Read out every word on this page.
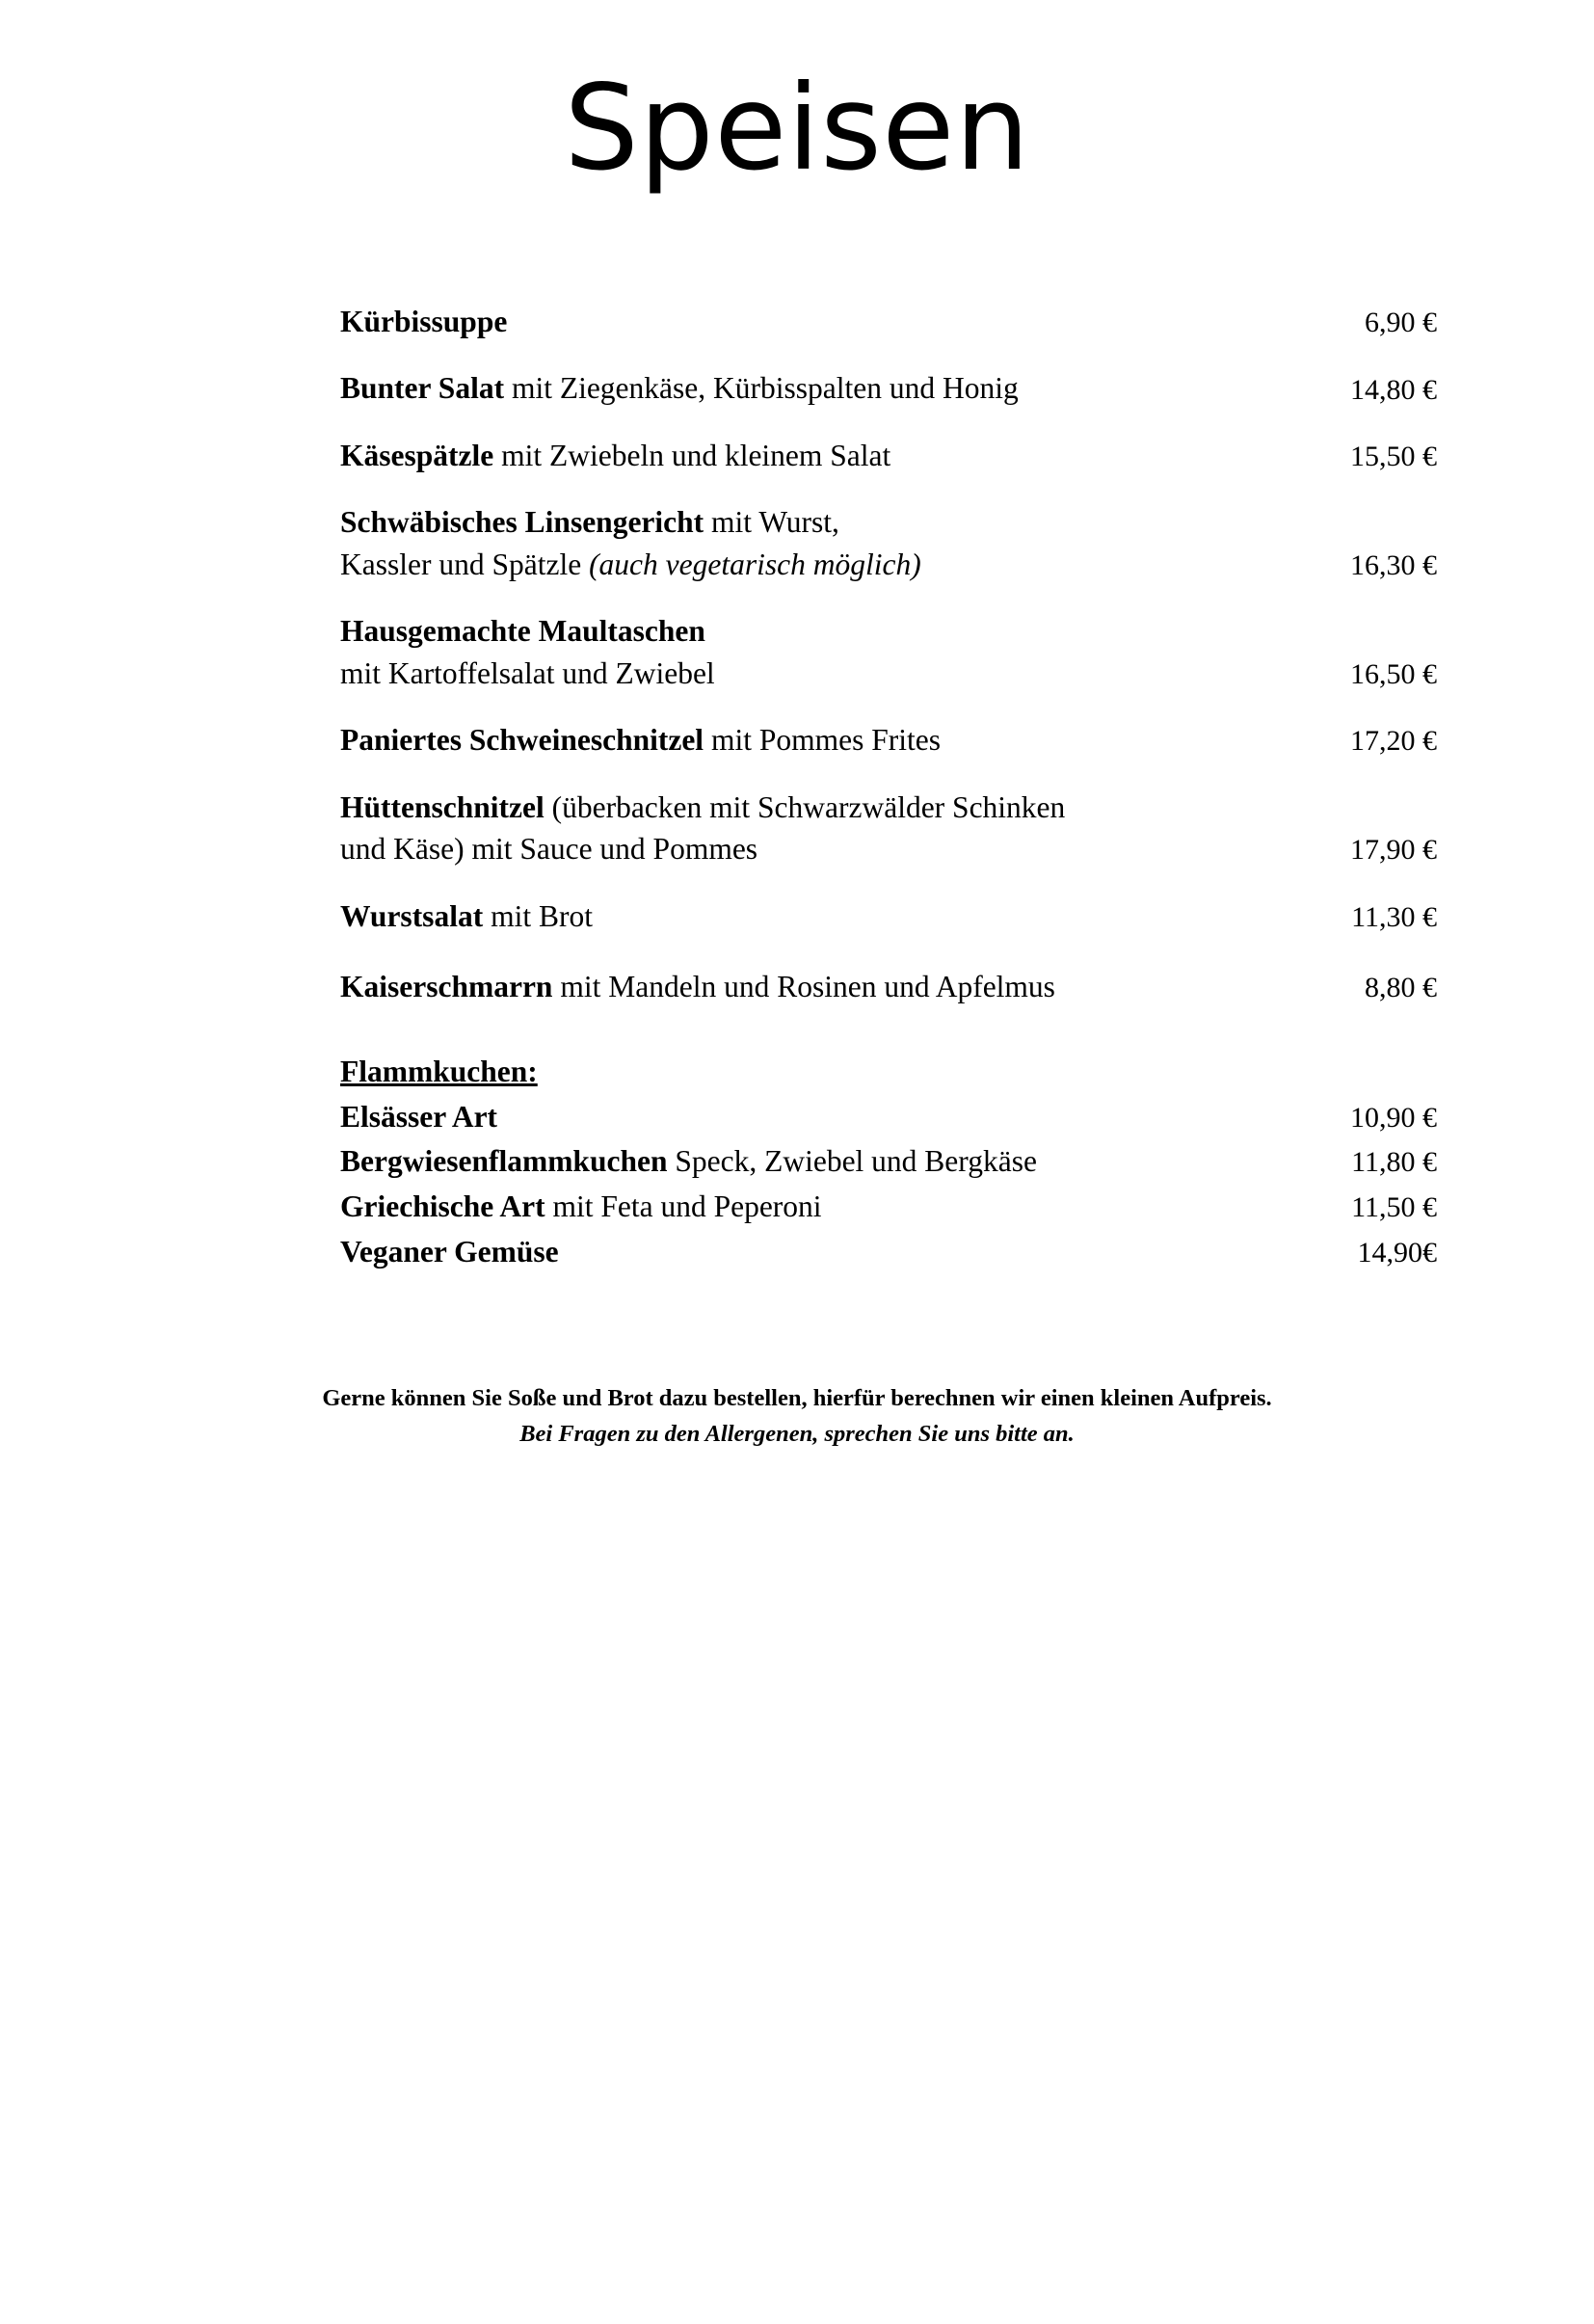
Speisen
Kürbissuppe	6,90 €
Bunter Salat mit Ziegenkäse, Kürbisspalten und Honig	14,80 €
Käsespätzle mit Zwiebeln und kleinem Salat	15,50 €
Schwäbisches Linsengericht mit Wurst,
Kassler und Spätzle (auch vegetarisch möglich)	16,30 €
Hausgemachte Maultaschen
mit Kartoffelsalat und Zwiebel	16,50 €
Paniertes Schweineschnitzel mit Pommes Frites	17,20 €
Hüttenschnitzel (überbacken mit Schwarzwälder Schinken
und Käse) mit Sauce und Pommes	17,90 €
Wurstsalat mit Brot	11,30 €
Kaiserschmarrn mit Mandeln und Rosinen und Apfelmus	8,80 €
Flammkuchen:
Elsässer Art	10,90 €
Bergwiesenflammkuchen Speck, Zwiebel und Bergkäse	11,80 €
Griechische Art mit Feta und Peperoni	11,50 €
Veganer Gemüse	14,90€
Gerne können Sie Soße und Brot dazu bestellen, hierfür berechnen wir einen kleinen Aufpreis.
Bei Fragen zu den Allergenen, sprechen Sie uns bitte an.
